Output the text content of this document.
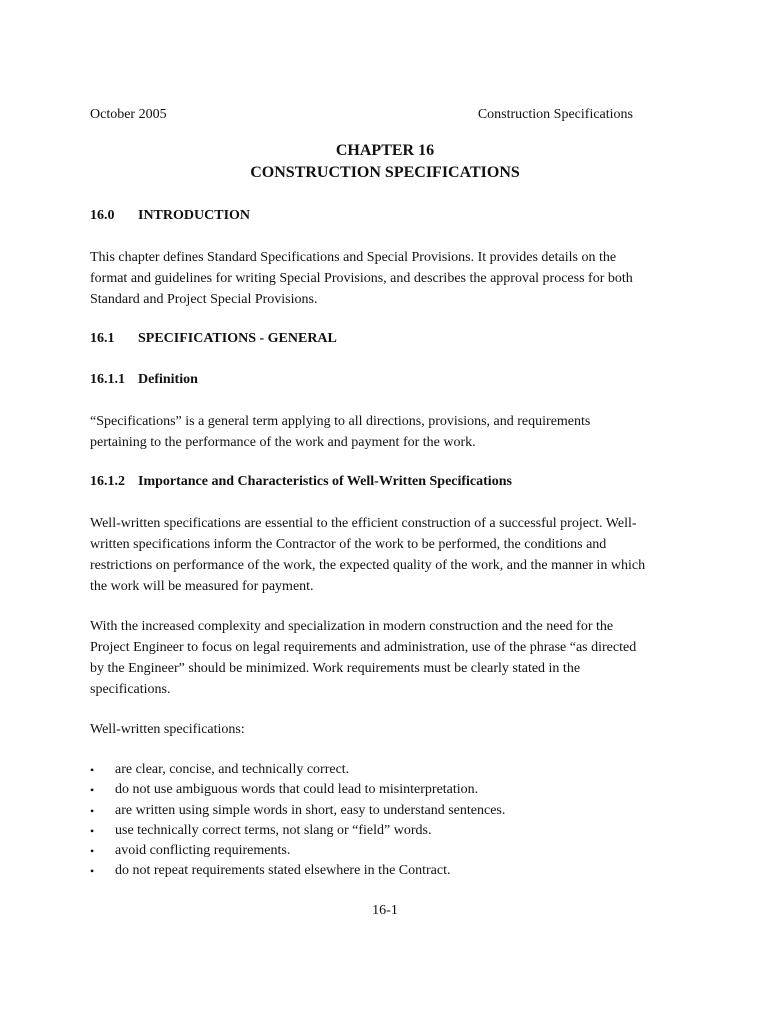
October 2005	Construction Specifications
CHAPTER 16
CONSTRUCTION SPECIFICATIONS
16.0 INTRODUCTION

This chapter defines Standard Specifications and Special Provisions. It provides details on the format and guidelines for writing Special Provisions, and describes the approval process for both Standard and Project Special Provisions.

16.1 SPECIFICATIONS - GENERAL
16.1.1 Definition

“Specifications” is a general term applying to all directions, provisions, and requirements pertaining to the performance of the work and payment for the work.

16.1.2 Importance and Characteristics of Well-Written Specifications

Well-written specifications are essential to the efficient construction of a successful project. Well-written specifications inform the Contractor of the work to be performed, the conditions and restrictions on performance of the work, the expected quality of the work, and the manner in which the work will be measured for payment.

With the increased complexity and specialization in modern construction and the need for the Project Engineer to focus on legal requirements and administration, use of the phrase “as directed by the Engineer” should be minimized. Work requirements must be clearly stated in the specifications.

Well-written specifications:

• are clear, concise, and technically correct.
• do not use ambiguous words that could lead to misinterpretation.
• are written using simple words in short, easy to understand sentences.
• use technically correct terms, not slang or “field” words.
• avoid conflicting requirements.
• do not repeat requirements stated elsewhere in the Contract.
16-1
